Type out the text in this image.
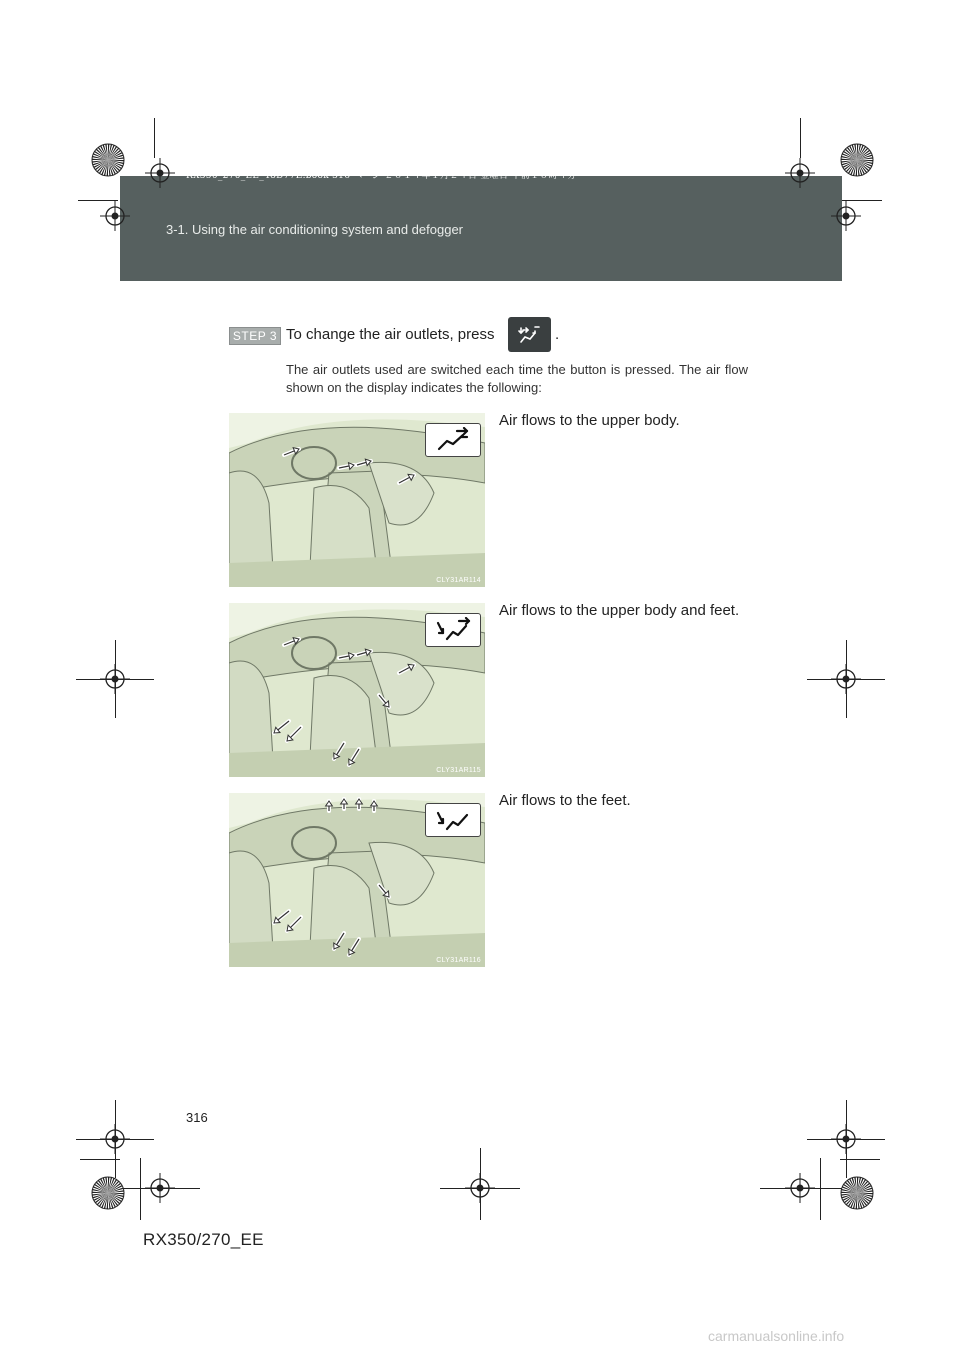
RX350_270_EE_48D77E.book 316 ページ ２０１４年１月２４日 金曜日 午前１０時４分
3-1. Using the air conditioning system and defogger
STEP 3 To change the air outlets, press	.
The air outlets used are switched each time the button is pressed. The air flow shown on the display indicates the following:
CLY31AR114
Air flows to the upper body.
CLY31AR115
Air flows to the upper body and feet.
CLY31AR116
Air flows to the feet.
316
RX350/270_EE
carmanualsonline.info
